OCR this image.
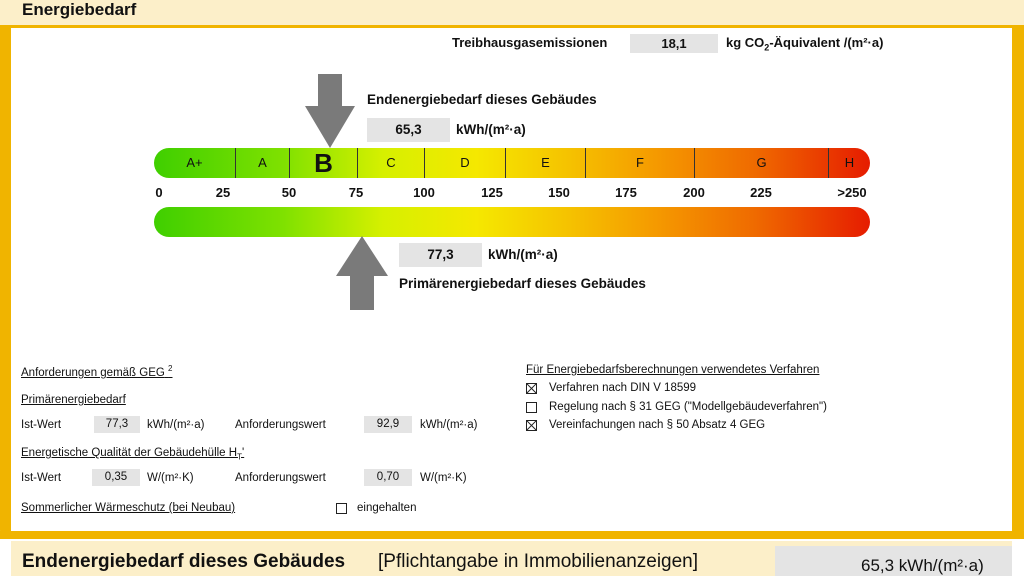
Energiebedarf
Treibhausgasemissionen	18,1	kg $CO_2$-Äquivalent /(m²·a)
Endenergiebedarf dieses Gebäudes
65,3	kWh/(m²·a)
A+	A	B	C	D	E	F	G	H
0	25	50	75	100	125	150	175	200	225	>250
77,3	kWh/(m²·a)
Primärenergiebedarf dieses Gebäudes
Anforderungen gemäß GEG $^2$
Primärenergiebedarf
Ist-Wert	77,3	kWh/(m²·a)	Anforderungswert	92,9	kWh/(m²·a)
Energetische Qualität der Gebäudehülle $H_T'$
Ist-Wert	0,35	W/(m²·K)	Anforderungswert	0,70	W/(m²·K)
Sommerlicher Wärmeschutz (bei Neubau)	eingehalten
Für Energiebedarfsberechnungen verwendetes Verfahren
Verfahren nach DIN V 18599
Regelung nach § 31 GEG ("Modellgebäudeverfahren")
Vereinfachungen nach § 50 Absatz 4 GEG
Endenergiebedarf dieses Gebäudes [Pflichtangabe in Immobilienanzeigen]	65,3 kWh/(m²·a)
